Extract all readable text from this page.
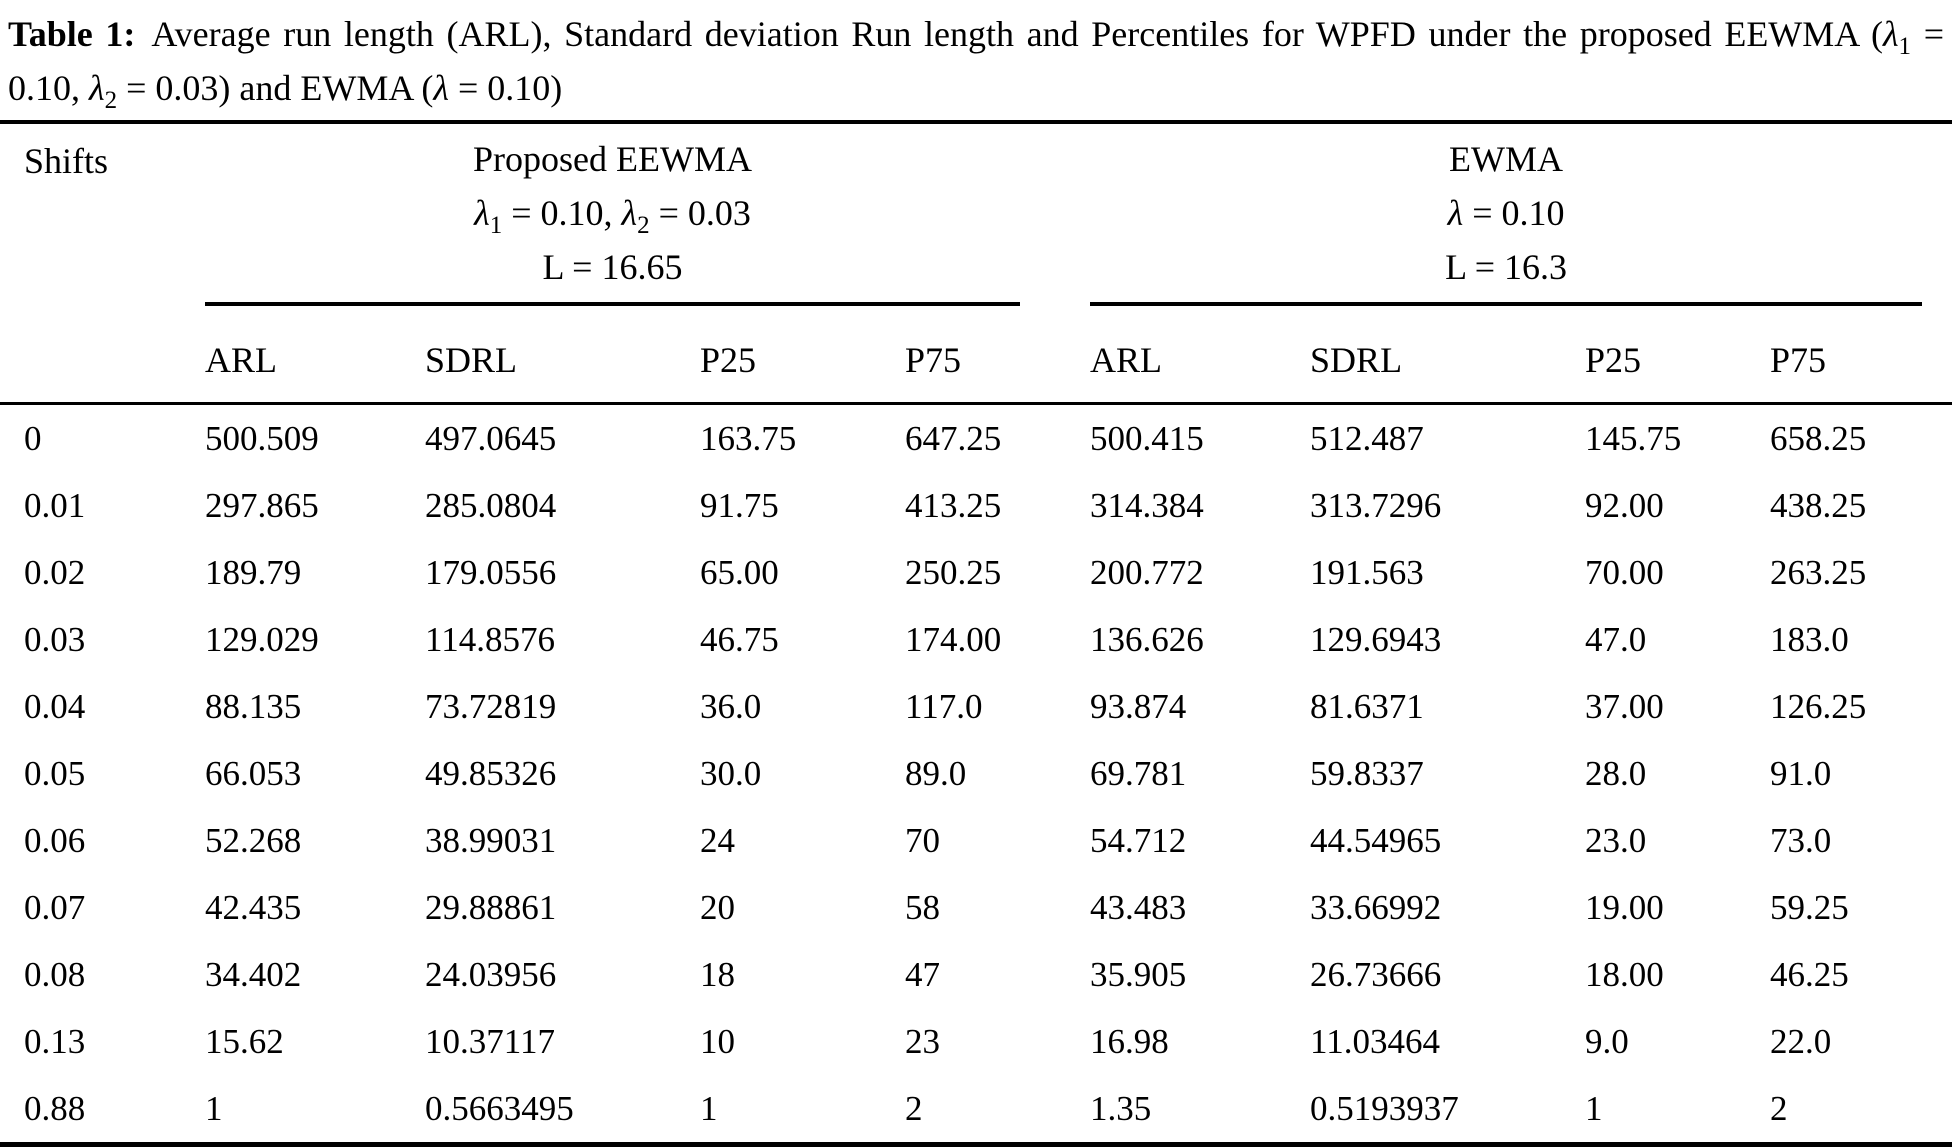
Table 1: Average run length (ARL), Standard deviation Run length and Percentiles for WPFD under the proposed EEWMA ($\lambda_1 = 0.10$, $\lambda_2 = 0.03$) and EWMA (λ = 0.10)

Shifts	Proposed EEWMA
$\lambda_1 = 0.10$, $\lambda_2 = 0.03$
L = 16.65

EWMA
λ = 0.10
L = 16.3

	ARL	SDRL	P25	P75	ARL	SDRL	P25	P75
0	500.509	497.0645	163.75	647.25	500.415	512.487	145.75	658.25
0.01	297.865	285.0804	91.75	413.25	314.384	313.7296	92.00	438.25
0.02	189.79	179.0556	65.00	250.25	200.772	191.563	70.00	263.25
0.03	129.029	114.8576	46.75	174.00	136.626	129.6943	47.0	183.0
0.04	88.135	73.72819	36.0	117.0	93.874	81.6371	37.00	126.25
0.05	66.053	49.85326	30.0	89.0	69.781	59.8337	28.0	91.0
0.06	52.268	38.99031	24	70	54.712	44.54965	23.0	73.0
0.07	42.435	29.88861	20	58	43.483	33.66992	19.00	59.25
0.08	34.402	24.03956	18	47	35.905	26.73666	18.00	46.25
0.13	15.62	10.37117	10	23	16.98	11.03464	9.0	22.0
0.88	1	0.5663495	1	2	1.35	0.5193937	1	2
